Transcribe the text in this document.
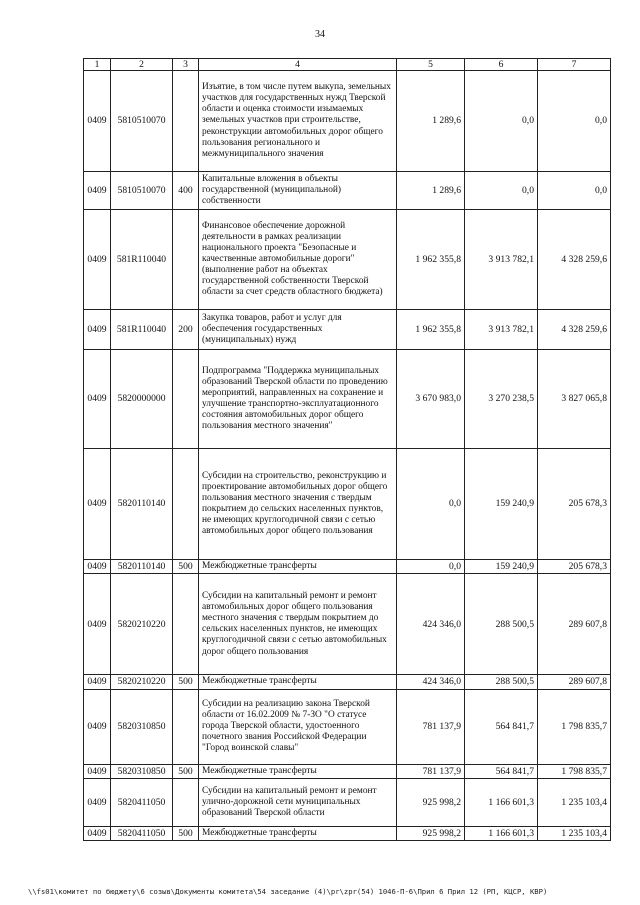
34
1	2	3	4	5	6	7
0409	5810510070		Изъятие, в том числе путем выкупа, земельных участков для государственных нужд Тверской области и оценка стоимости изымаемых земельных участков при строительстве, реконструкции автомобильных дорог общего пользования регионального и межмуниципального значения	1 289,6	0,0	0,0
0409	5810510070	400	Капитальные вложения в объекты государственной (муниципальной) собственности	1 289,6	0,0	0,0
0409	581R110040		Финансовое обеспечение дорожной деятельности в рамках реализации национального проекта "Безопасные и качественные автомобильные дороги" (выполнение работ на объектах государственной собственности Тверской области за счет средств областного бюджета)	1 962 355,8	3 913 782,1	4 328 259,6
0409	581R110040	200	Закупка товаров, работ и услуг для обеспечения государственных (муниципальных) нужд	1 962 355,8	3 913 782,1	4 328 259,6
0409	5820000000		Подпрограмма "Поддержка муниципальных образований Тверской области по проведению мероприятий, направленных на сохранение и улучшение транспортно-эксплуатационного состояния автомобильных дорог общего пользования местного значения"	3 670 983,0	3 270 238,5	3 827 065,8
0409	5820110140		Субсидии на строительство, реконструкцию и проектирование автомобильных дорог общего пользования местного значения с твердым покрытием до сельских населенных пунктов, не имеющих круглогодичной связи с сетью автомобильных дорог общего пользования	0,0	159 240,9	205 678,3
0409	5820110140	500	Межбюджетные трансферты	0,0	159 240,9	205 678,3
0409	5820210220		Субсидии на капитальный ремонт и ремонт автомобильных дорог общего пользования местного значения с твердым покрытием до сельских населенных пунктов, не имеющих круглогодичной связи с сетью автомобильных дорог общего пользования	424 346,0	288 500,5	289 607,8
0409	5820210220	500	Межбюджетные трансферты	424 346,0	288 500,5	289 607,8
0409	5820310850		Субсидии на реализацию закона Тверской области от 16.02.2009 № 7-ЗО "О статусе города Тверской области, удостоенного почетного звания Российской Федерации "Город воинской славы"	781 137,9	564 841,7	1 798 835,7
0409	5820310850	500	Межбюджетные трансферты	781 137,9	564 841,7	1 798 835,7
0409	5820411050		Субсидии на капитальный ремонт и ремонт улично-дорожной сети муниципальных образований Тверской области	925 998,2	1 166 601,3	1 235 103,4
0409	5820411050	500	Межбюджетные трансферты	925 998,2	1 166 601,3	1 235 103,4
\\fs01\комитет по бюджету\6 созыв\Документы комитета\54 заседание (4)\pr\zpr(54) 1046-П-6\Прил 6 Прил 12 (РП, КЦСР, КВР)
